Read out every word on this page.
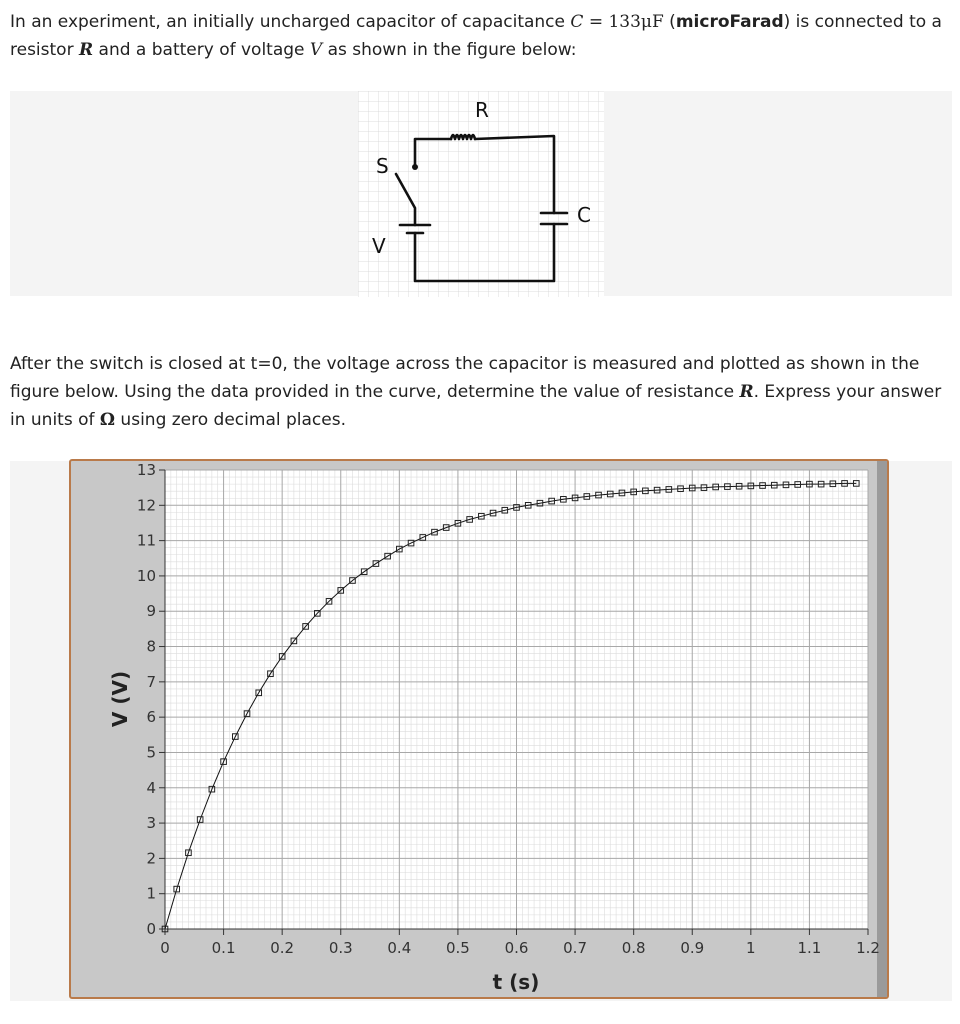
In an experiment, an initially uncharged capacitor of capacitance C = 133μF (microFarad) is connected to a resistor R and a battery of voltage V as shown in the figure below:
R
S
C
V
After the switch is closed at t=0, the voltage across the capacitor is measured and plotted as shown in the figure below. Using the data provided in the curve, determine the value of resistance R. Express your answer in units of Ω using zero decimal places.
0	0.1 0.2 0.3 0.4 0.5 0.6 0.7 0.8 0.9	1	1.1 1.2
0
1
2
3
4
5
6
7
8
9
10
11
12
13
t (s)
V (V)
